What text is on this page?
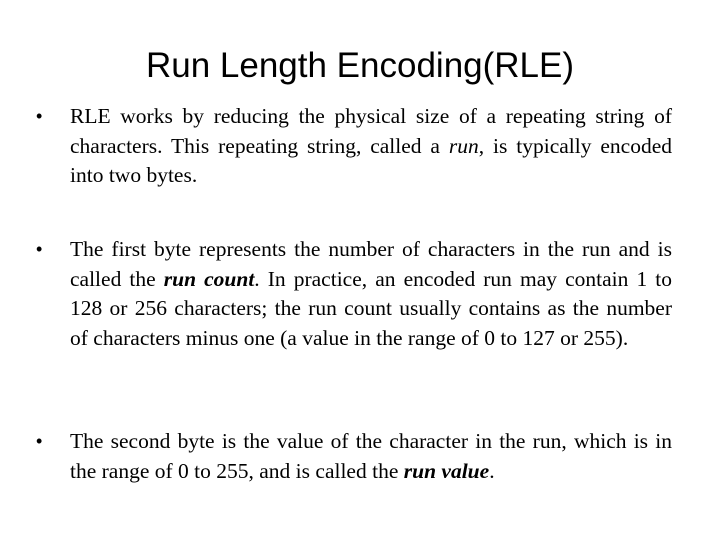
Run Length Encoding(RLE)
•	RLE works by reducing the physical size of a repeating string of characters. This repeating string, called a run, is typically encoded into two bytes.
•	The first byte represents the number of characters in the run and is called the run count. In practice, an encoded run may contain 1 to 128 or 256 characters; the run count usually contains as the number of characters minus one (a value in the range of 0 to 127 or 255).
•	The second byte is the value of the character in the run, which is in the range of 0 to 255, and is called the run value.
